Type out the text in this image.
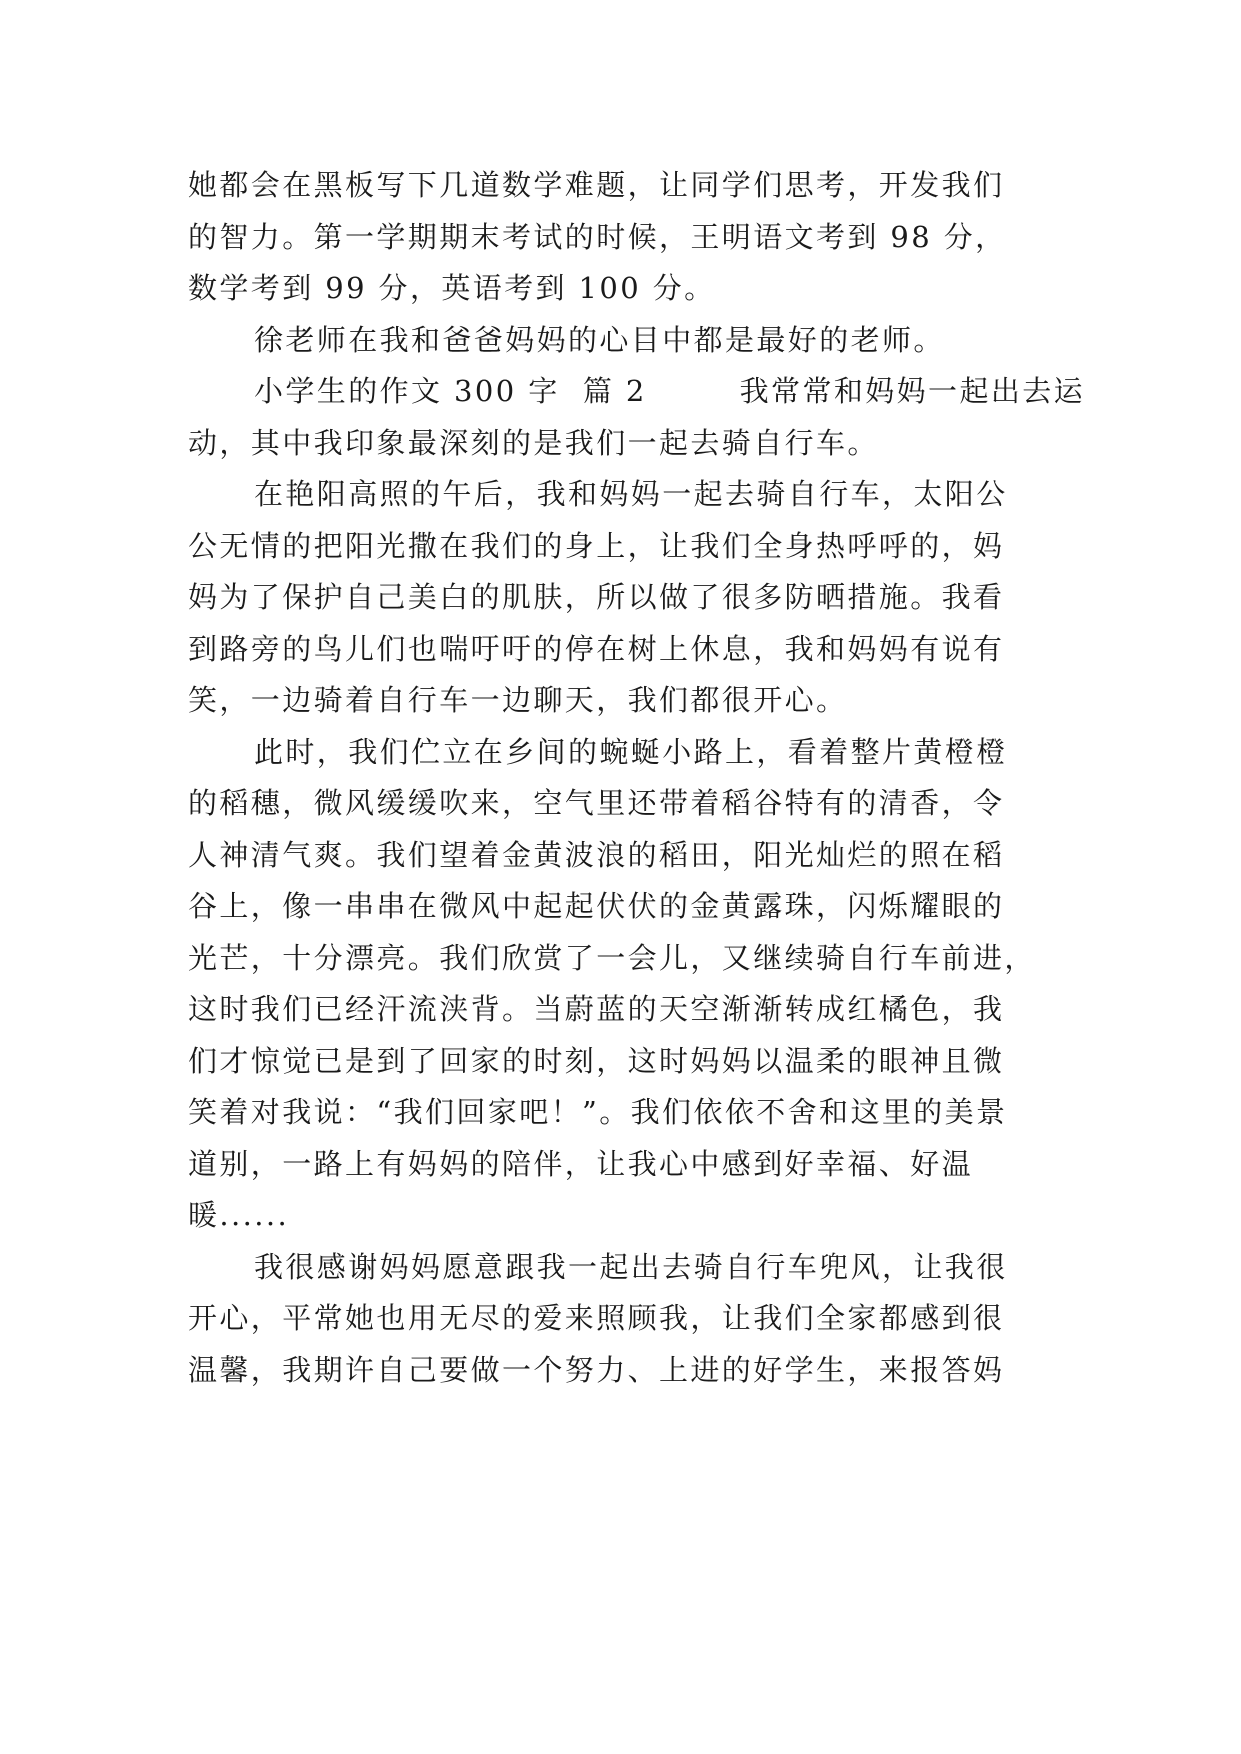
她都会在黑板写下几道数学难题，让同学们思考，开发我们
的智力。第一学期期末考试的时候，王明语文考到 98 分，
数学考到 99 分，英语考到 100 分。

徐老师在我和爸爸妈妈的心目中都是最好的老师。

小学生的作文 300 字  篇 2        我常常和妈妈一起出去运
动，其中我印象最深刻的是我们一起去骑自行车。

在艳阳高照的午后，我和妈妈一起去骑自行车，太阳公
公无情的把阳光撒在我们的身上，让我们全身热呼呼的，妈
妈为了保护自己美白的肌肤，所以做了很多防晒措施。我看
到路旁的鸟儿们也喘吁吁的停在树上休息，我和妈妈有说有
笑，一边骑着自行车一边聊天，我们都很开心。

此时，我们伫立在乡间的蜿蜒小路上，看着整片黄橙橙
的稻穗，微风缓缓吹来，空气里还带着稻谷特有的清香，令
人神清气爽。我们望着金黄波浪的稻田，阳光灿烂的照在稻
谷上，像一串串在微风中起起伏伏的金黄露珠，闪烁耀眼的
光芒，十分漂亮。我们欣赏了一会儿，又继续骑自行车前进，
这时我们已经汗流浃背。当蔚蓝的天空渐渐转成红橘色，我
们才惊觉已是到了回家的时刻，这时妈妈以温柔的眼神且微
笑着对我说：“我们回家吧！”。我们依依不舍和这里的美景
道别，一路上有妈妈的陪伴，让我心中感到好幸福、好温
暖......

我很感谢妈妈愿意跟我一起出去骑自行车兜风，让我很
开心，平常她也用无尽的爱来照顾我，让我们全家都感到很
温馨，我期许自己要做一个努力、上进的好学生，来报答妈
